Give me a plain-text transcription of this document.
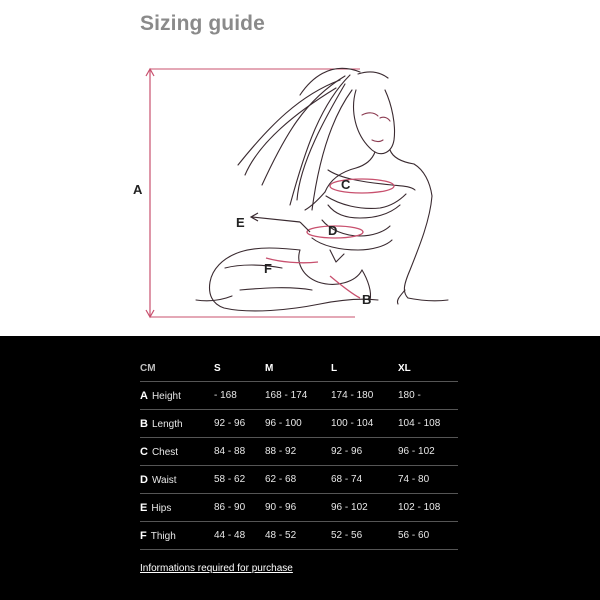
Sizing guide
A	C
E
D
F
B
CM	S	M	L	XL
A Height	- 168	168 - 174	174 - 180	180 -
B Length	92 - 96	96 - 100	100 - 104	104 - 108
C Chest	84 - 88	88 - 92	92 - 96	96 - 102
D Waist	58 - 62	62 - 68	68 - 74	74 - 80
E Hips	86 - 90	90 - 96	96 - 102	102 - 108
F Thigh	44 - 48	48 - 52	52 - 56	56 - 60
Informations required for purchase
